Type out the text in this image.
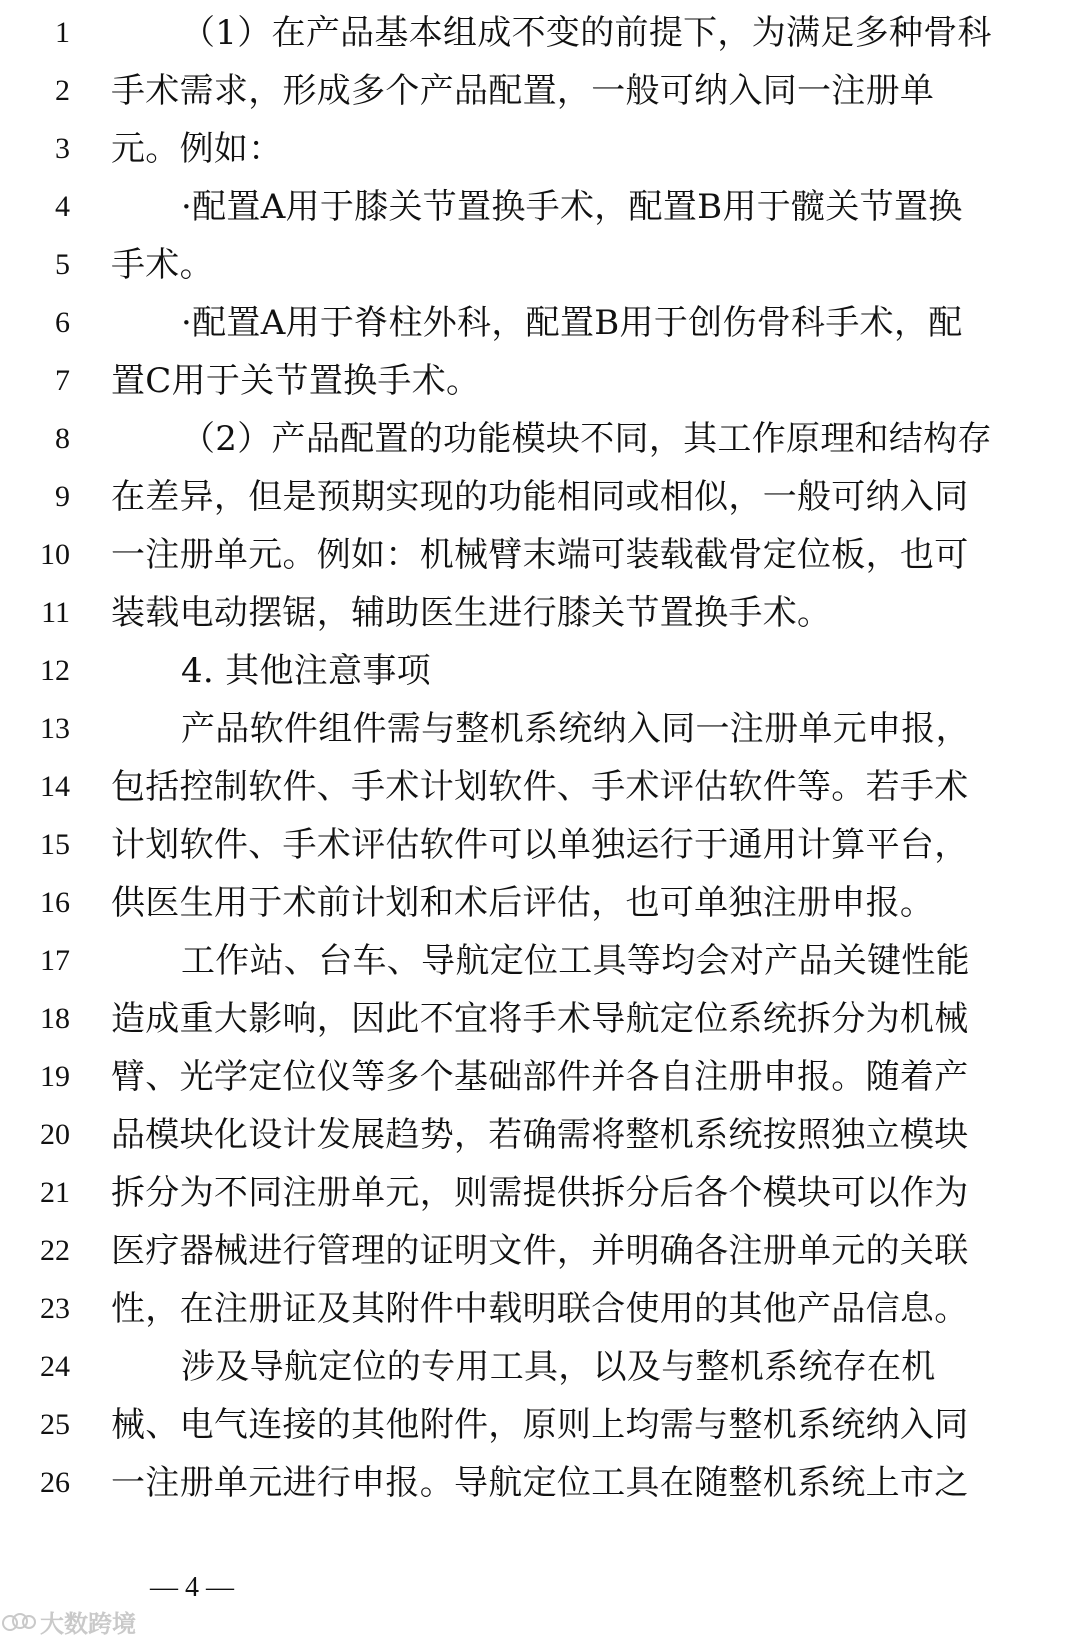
1	（1）在产品基本组成不变的前提下，为满足多种骨科
2 手术需求，形成多个产品配置，一般可纳入同一注册单
3 元。例如：
4	·配置A用于膝关节置换手术，配置B用于髋关节置换
5 手术。
6	·配置A用于脊柱外科，配置B用于创伤骨科手术，配
7 置C用于关节置换手术。
8	（2）产品配置的功能模块不同，其工作原理和结构存
9 在差异，但是预期实现的功能相同或相似，一般可纳入同
10 一注册单元。例如：机械臂末端可装载截骨定位板，也可
11 装载电动摆锯，辅助医生进行膝关节置换手术。
12	4. 其他注意事项
13	产品软件组件需与整机系统纳入同一注册单元申报，
14 包括控制软件、手术计划软件、手术评估软件等。若手术
15 计划软件、手术评估软件可以单独运行于通用计算平台，
16 供医生用于术前计划和术后评估，也可单独注册申报。
17	工作站、台车、导航定位工具等均会对产品关键性能
18 造成重大影响，因此不宜将手术导航定位系统拆分为机械
19 臂、光学定位仪等多个基础部件并各自注册申报。随着产
20 品模块化设计发展趋势，若确需将整机系统按照独立模块
21 拆分为不同注册单元，则需提供拆分后各个模块可以作为
22 医疗器械进行管理的证明文件，并明确各注册单元的关联
23 性，在注册证及其附件中载明联合使用的其他产品信息。
24	涉及导航定位的专用工具，以及与整机系统存在机
25 械、电气连接的其他附件，原则上均需与整机系统纳入同
26 一注册单元进行申报。导航定位工具在随整机系统上市之
— 4 —
大数跨境
